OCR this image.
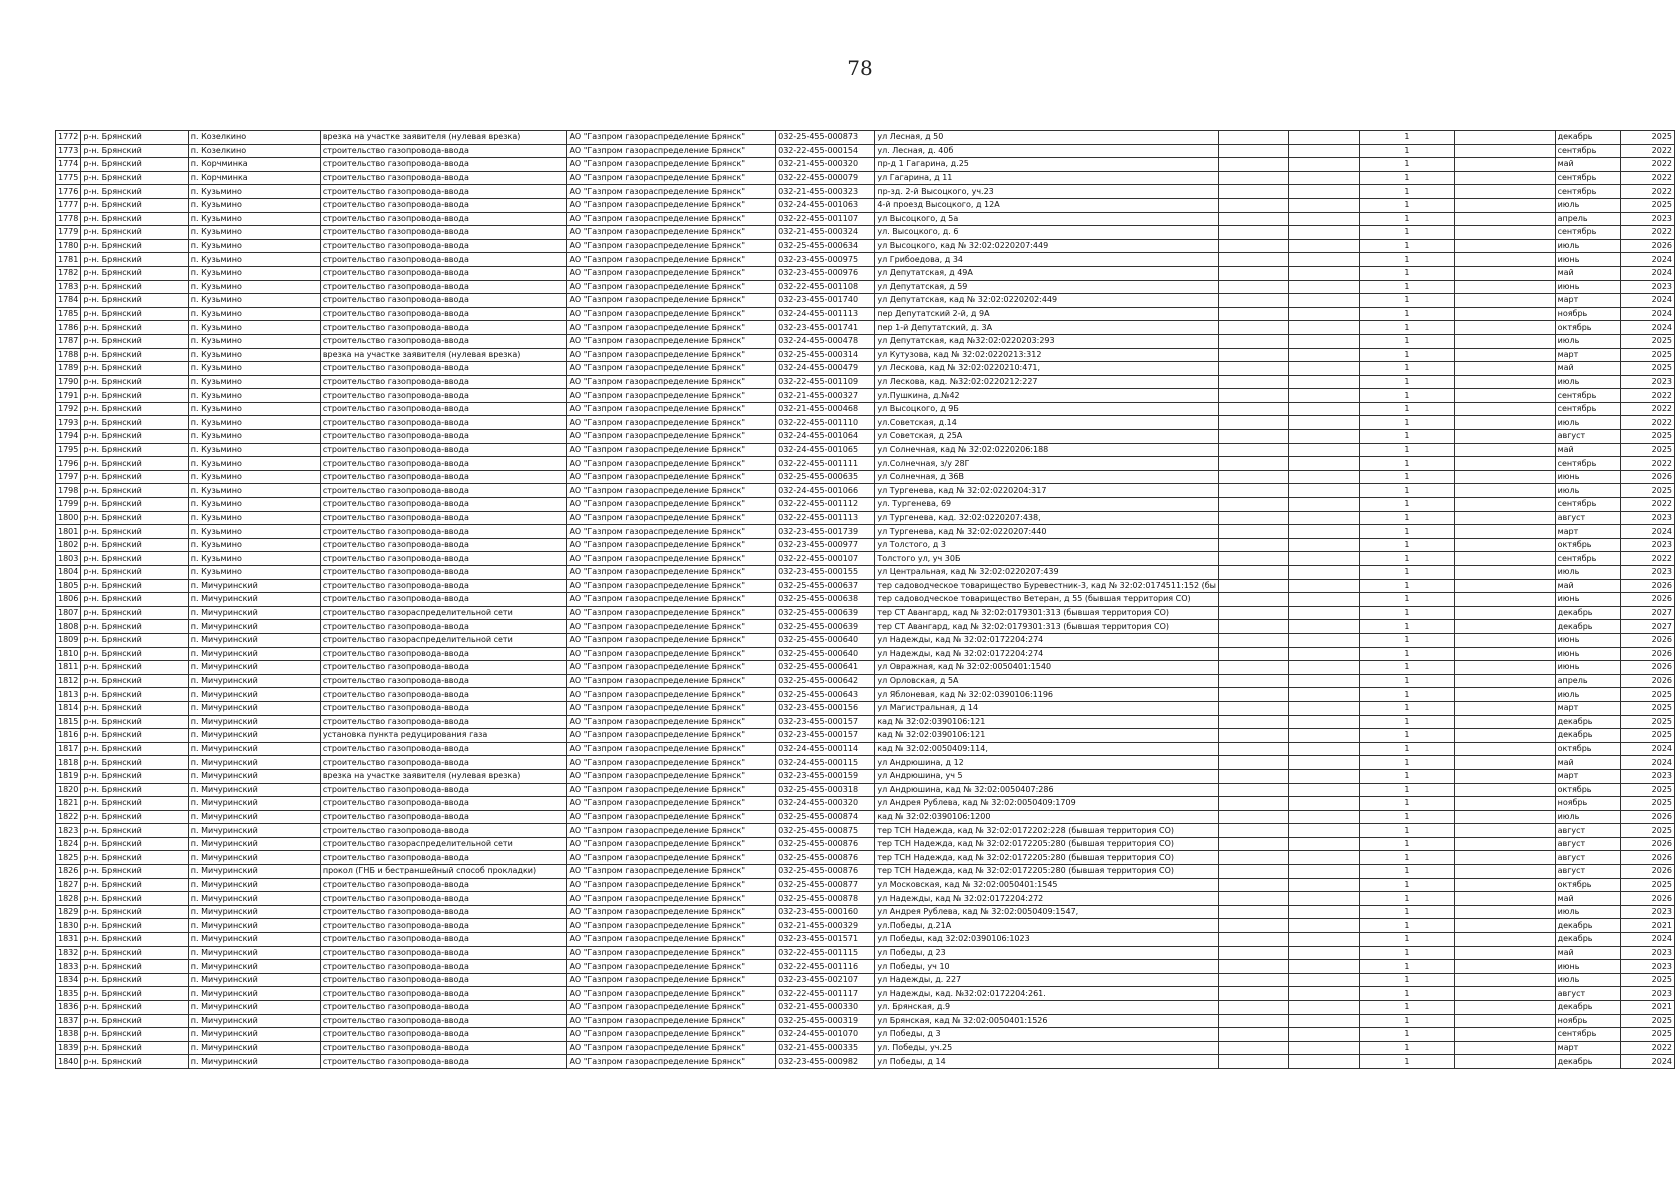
78
1772	р-н. Брянский	п. Козелкино	врезка на участке заявителя (нулевая врезка)	АО "Газпром газораспределение Брянск"	032-25-455-000873	ул Лесная, д 50			1		декабрь	2025
1773	р-н. Брянский	п. Козелкино	строительство газопровода-ввода	АО "Газпром газораспределение Брянск"	032-22-455-000154	ул. Лесная, д. 40б			1		сентябрь	2022
1774	р-н. Брянский	п. Корчминка	строительство газопровода-ввода	АО "Газпром газораспределение Брянск"	032-21-455-000320	пр-д 1 Гагарина, д.25			1		май	2022
1775	р-н. Брянский	п. Корчминка	строительство газопровода-ввода	АО "Газпром газораспределение Брянск"	032-22-455-000079	ул Гагарина, д 11			1		сентябрь	2022
1776	р-н. Брянский	п. Кузьмино	строительство газопровода-ввода	АО "Газпром газораспределение Брянск"	032-21-455-000323	пр-зд. 2-й Высоцкого, уч.23			1		сентябрь	2022
1777	р-н. Брянский	п. Кузьмино	строительство газопровода-ввода	АО "Газпром газораспределение Брянск"	032-24-455-001063	4-й проезд Высоцкого, д 12А			1		июль	2025
1778	р-н. Брянский	п. Кузьмино	строительство газопровода-ввода	АО "Газпром газораспределение Брянск"	032-22-455-001107	ул Высоцкого, д 5а			1		апрель	2023
1779	р-н. Брянский	п. Кузьмино	строительство газопровода-ввода	АО "Газпром газораспределение Брянск"	032-21-455-000324	ул. Высоцкого, д. 6			1		сентябрь	2022
1780	р-н. Брянский	п. Кузьмино	строительство газопровода-ввода	АО "Газпром газораспределение Брянск"	032-25-455-000634	ул Высоцкого, кад № 32:02:0220207:449			1		июль	2026
1781	р-н. Брянский	п. Кузьмино	строительство газопровода-ввода	АО "Газпром газораспределение Брянск"	032-23-455-000975	ул Грибоедова, д 34			1		июнь	2024
1782	р-н. Брянский	п. Кузьмино	строительство газопровода-ввода	АО "Газпром газораспределение Брянск"	032-23-455-000976	ул Депутатская, д 49А			1		май	2024
1783	р-н. Брянский	п. Кузьмино	строительство газопровода-ввода	АО "Газпром газораспределение Брянск"	032-22-455-001108	ул Депутатская, д 59			1		июнь	2023
1784	р-н. Брянский	п. Кузьмино	строительство газопровода-ввода	АО "Газпром газораспределение Брянск"	032-23-455-001740	ул Депутатская, кад № 32:02:0220202:449			1		март	2024
1785	р-н. Брянский	п. Кузьмино	строительство газопровода-ввода	АО "Газпром газораспределение Брянск"	032-24-455-001113	пер Депутатский 2-й, д 9А			1		ноябрь	2024
1786	р-н. Брянский	п. Кузьмино	строительство газопровода-ввода	АО "Газпром газораспределение Брянск"	032-23-455-001741	пер 1-й Депутатский, д. 3А			1		октябрь	2024
1787	р-н. Брянский	п. Кузьмино	строительство газопровода-ввода	АО "Газпром газораспределение Брянск"	032-24-455-000478	ул Депутатская, кад №32:02:0220203:293			1		июль	2025
1788	р-н. Брянский	п. Кузьмино	врезка на участке заявителя (нулевая врезка)	АО "Газпром газораспределение Брянск"	032-25-455-000314	ул Кутузова, кад № 32:02:0220213:312			1		март	2025
1789	р-н. Брянский	п. Кузьмино	строительство газопровода-ввода	АО "Газпром газораспределение Брянск"	032-24-455-000479	ул Лескова, кад № 32:02:0220210:471,			1		май	2025
1790	р-н. Брянский	п. Кузьмино	строительство газопровода-ввода	АО "Газпром газораспределение Брянск"	032-22-455-001109	ул Лескова, кад. №32:02:0220212:227			1		июль	2023
1791	р-н. Брянский	п. Кузьмино	строительство газопровода-ввода	АО "Газпром газораспределение Брянск"	032-21-455-000327	ул.Пушкина, д.№42			1		сентябрь	2022
1792	р-н. Брянский	п. Кузьмино	строительство газопровода-ввода	АО "Газпром газораспределение Брянск"	032-21-455-000468	ул Высоцкого, д 9Б			1		сентябрь	2022
1793	р-н. Брянский	п. Кузьмино	строительство газопровода-ввода	АО "Газпром газораспределение Брянск"	032-22-455-001110	ул.Советская, д.14			1		июль	2022
1794	р-н. Брянский	п. Кузьмино	строительство газопровода-ввода	АО "Газпром газораспределение Брянск"	032-24-455-001064	ул Советская, д 25А			1		август	2025
1795	р-н. Брянский	п. Кузьмино	строительство газопровода-ввода	АО "Газпром газораспределение Брянск"	032-24-455-001065	ул Солнечная, кад № 32:02:0220206:188			1		май	2025
1796	р-н. Брянский	п. Кузьмино	строительство газопровода-ввода	АО "Газпром газораспределение Брянск"	032-22-455-001111	ул.Солнечная, з/у 28Г			1		сентябрь	2022
1797	р-н. Брянский	п. Кузьмино	строительство газопровода-ввода	АО "Газпром газораспределение Брянск"	032-25-455-000635	ул Солнечная, д 36В			1		июнь	2026
1798	р-н. Брянский	п. Кузьмино	строительство газопровода-ввода	АО "Газпром газораспределение Брянск"	032-24-455-001066	ул Тургенева, кад № 32:02:0220204:317			1		июль	2025
1799	р-н. Брянский	п. Кузьмино	строительство газопровода-ввода	АО "Газпром газораспределение Брянск"	032-22-455-001112	ул. Тургенева, 69			1		сентябрь	2022
1800	р-н. Брянский	п. Кузьмино	строительство газопровода-ввода	АО "Газпром газораспределение Брянск"	032-22-455-001113	ул Тургенева, кад. 32:02:0220207:438,			1		август	2023
1801	р-н. Брянский	п. Кузьмино	строительство газопровода-ввода	АО "Газпром газораспределение Брянск"	032-23-455-001739	ул Тургенева, кад № 32:02:0220207:440			1		март	2024
1802	р-н. Брянский	п. Кузьмино	строительство газопровода-ввода	АО "Газпром газораспределение Брянск"	032-23-455-000977	ул Толстого, д 3			1		октябрь	2023
1803	р-н. Брянский	п. Кузьмино	строительство газопровода-ввода	АО "Газпром газораспределение Брянск"	032-22-455-000107	Толстого ул, уч 30Б			1		сентябрь	2022
1804	р-н. Брянский	п. Кузьмино	строительство газопровода-ввода	АО "Газпром газораспределение Брянск"	032-23-455-000155	ул Центральная, кад № 32:02:0220207:439			1		июль	2023
1805	р-н. Брянский	п. Мичуринский	строительство газопровода-ввода	АО "Газпром газораспределение Брянск"	032-25-455-000637	тер садоводческое товарищество Буревестник-3, кад № 32:02:0174511:152 (бы			1		май	2026
1806	р-н. Брянский	п. Мичуринский	строительство газопровода-ввода	АО "Газпром газораспределение Брянск"	032-25-455-000638	тер садоводческое товарищество Ветеран, д 55 (бывшая территория СО)			1		июнь	2026
1807	р-н. Брянский	п. Мичуринский	строительство газораспределительной сети	АО "Газпром газораспределение Брянск"	032-25-455-000639	тер СТ Авангард, кад № 32:02:0179301:313 (бывшая территория СО)			1		декабрь	2027
1808	р-н. Брянский	п. Мичуринский	строительство газопровода-ввода	АО "Газпром газораспределение Брянск"	032-25-455-000639	тер СТ Авангард, кад № 32:02:0179301:313 (бывшая территория СО)			1		декабрь	2027
1809	р-н. Брянский	п. Мичуринский	строительство газораспределительной сети	АО "Газпром газораспределение Брянск"	032-25-455-000640	ул Надежды, кад № 32:02:0172204:274			1		июнь	2026
1810	р-н. Брянский	п. Мичуринский	строительство газопровода-ввода	АО "Газпром газораспределение Брянск"	032-25-455-000640	ул Надежды, кад № 32:02:0172204:274			1		июнь	2026
1811	р-н. Брянский	п. Мичуринский	строительство газопровода-ввода	АО "Газпром газораспределение Брянск"	032-25-455-000641	ул Овражная, кад № 32:02:0050401:1540			1		июнь	2026
1812	р-н. Брянский	п. Мичуринский	строительство газопровода-ввода	АО "Газпром газораспределение Брянск"	032-25-455-000642	ул Орловская, д 5А			1		апрель	2026
1813	р-н. Брянский	п. Мичуринский	строительство газопровода-ввода	АО "Газпром газораспределение Брянск"	032-25-455-000643	ул Яблоневая, кад № 32:02:0390106:1196			1		июль	2025
1814	р-н. Брянский	п. Мичуринский	строительство газопровода-ввода	АО "Газпром газораспределение Брянск"	032-23-455-000156	ул Магистральная, д 14			1		март	2025
1815	р-н. Брянский	п. Мичуринский	строительство газопровода-ввода	АО "Газпром газораспределение Брянск"	032-23-455-000157	кад № 32:02:0390106:121			1		декабрь	2025
1816	р-н. Брянский	п. Мичуринский	установка пункта редуцирования газа	АО "Газпром газораспределение Брянск"	032-23-455-000157	кад № 32:02:0390106:121			1		декабрь	2025
1817	р-н. Брянский	п. Мичуринский	строительство газопровода-ввода	АО "Газпром газораспределение Брянск"	032-24-455-000114	кад № 32:02:0050409:114,			1		октябрь	2024
1818	р-н. Брянский	п. Мичуринский	строительство газопровода-ввода	АО "Газпром газораспределение Брянск"	032-24-455-000115	ул Андрюшина, д 12			1		май	2024
1819	р-н. Брянский	п. Мичуринский	врезка на участке заявителя (нулевая врезка)	АО "Газпром газораспределение Брянск"	032-23-455-000159	ул Андрюшина, уч 5			1		март	2023
1820	р-н. Брянский	п. Мичуринский	строительство газопровода-ввода	АО "Газпром газораспределение Брянск"	032-25-455-000318	ул Андрюшина, кад № 32:02:0050407:286			1		октябрь	2025
1821	р-н. Брянский	п. Мичуринский	строительство газопровода-ввода	АО "Газпром газораспределение Брянск"	032-24-455-000320	ул Андрея Рублева, кад № 32:02:0050409:1709			1		ноябрь	2025
1822	р-н. Брянский	п. Мичуринский	строительство газопровода-ввода	АО "Газпром газораспределение Брянск"	032-25-455-000874	кад № 32:02:0390106:1200			1		июль	2026
1823	р-н. Брянский	п. Мичуринский	строительство газопровода-ввода	АО "Газпром газораспределение Брянск"	032-25-455-000875	тер ТСН Надежда, кад № 32:02:0172202:228 (бывшая территория СО)			1		август	2025
1824	р-н. Брянский	п. Мичуринский	строительство газораспределительной сети	АО "Газпром газораспределение Брянск"	032-25-455-000876	тер ТСН Надежда, кад № 32:02:0172205:280 (бывшая территория СО)			1		август	2026
1825	р-н. Брянский	п. Мичуринский	строительство газопровода-ввода	АО "Газпром газораспределение Брянск"	032-25-455-000876	тер ТСН Надежда, кад № 32:02:0172205:280 (бывшая территория СО)			1		август	2026
1826	р-н. Брянский	п. Мичуринский	прокол (ГНБ и бестраншейный способ прокладки)	АО "Газпром газораспределение Брянск"	032-25-455-000876	тер ТСН Надежда, кад № 32:02:0172205:280 (бывшая территория СО)			1		август	2026
1827	р-н. Брянский	п. Мичуринский	строительство газопровода-ввода	АО "Газпром газораспределение Брянск"	032-25-455-000877	ул Московская, кад № 32:02:0050401:1545			1		октябрь	2025
1828	р-н. Брянский	п. Мичуринский	строительство газопровода-ввода	АО "Газпром газораспределение Брянск"	032-25-455-000878	ул Надежды, кад № 32:02:0172204:272			1		май	2026
1829	р-н. Брянский	п. Мичуринский	строительство газопровода-ввода	АО "Газпром газораспределение Брянск"	032-23-455-000160	ул Андрея Рублева, кад № 32:02:0050409:1547,			1		июль	2023
1830	р-н. Брянский	п. Мичуринский	строительство газопровода-ввода	АО "Газпром газораспределение Брянск"	032-21-455-000329	ул.Победы, д.21А			1		декабрь	2021
1831	р-н. Брянский	п. Мичуринский	строительство газопровода-ввода	АО "Газпром газораспределение Брянск"	032-23-455-001571	ул Победы, кад 32:02:0390106:1023			1		декабрь	2024
1832	р-н. Брянский	п. Мичуринский	строительство газопровода-ввода	АО "Газпром газораспределение Брянск"	032-22-455-001115	ул Победы, д 23			1		май	2023
1833	р-н. Брянский	п. Мичуринский	строительство газопровода-ввода	АО "Газпром газораспределение Брянск"	032-22-455-001116	ул Победы, уч 10			1		июнь	2023
1834	р-н. Брянский	п. Мичуринский	строительство газопровода-ввода	АО "Газпром газораспределение Брянск"	032-23-455-002107	ул Надежды, д. 227			1		июль	2025
1835	р-н. Брянский	п. Мичуринский	строительство газопровода-ввода	АО "Газпром газораспределение Брянск"	032-22-455-001117	ул Надежды, кад. №32:02:0172204:261.			1		август	2023
1836	р-н. Брянский	п. Мичуринский	строительство газопровода-ввода	АО "Газпром газораспределение Брянск"	032-21-455-000330	ул. Брянская, д.9			1		декабрь	2021
1837	р-н. Брянский	п. Мичуринский	строительство газопровода-ввода	АО "Газпром газораспределение Брянск"	032-25-455-000319	ул Брянская, кад № 32:02:0050401:1526			1		ноябрь	2025
1838	р-н. Брянский	п. Мичуринский	строительство газопровода-ввода	АО "Газпром газораспределение Брянск"	032-24-455-001070	ул Победы, д 3			1		сентябрь	2025
1839	р-н. Брянский	п. Мичуринский	строительство газопровода-ввода	АО "Газпром газораспределение Брянск"	032-21-455-000335	ул. Победы, уч.25			1		март	2022
1840	р-н. Брянский	п. Мичуринский	строительство газопровода-ввода	АО "Газпром газораспределение Брянск"	032-23-455-000982	ул Победы, д 14			1		декабрь	2024
